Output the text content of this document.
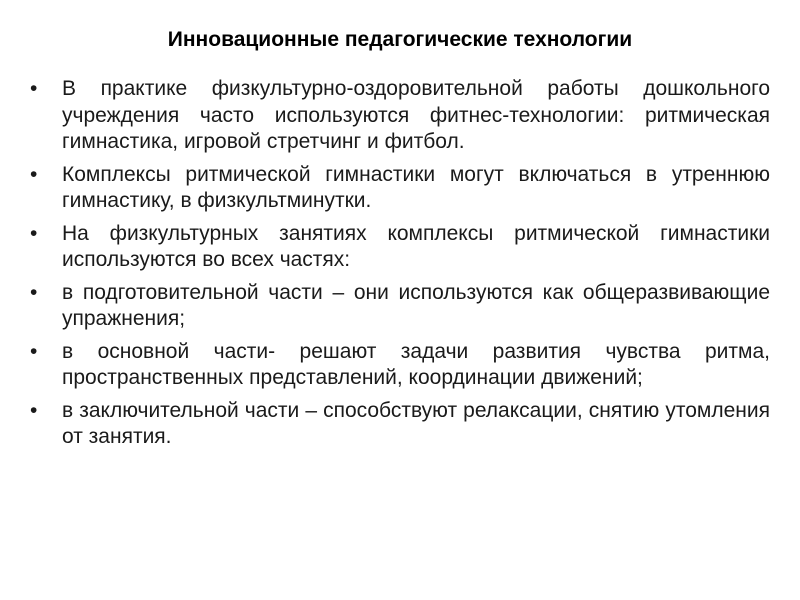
Инновационные педагогические технологии
•	В практике физкультурно-оздоровительной работы дошкольного учреждения часто используются фитнес-технологии: ритмическая гимнастика, игровой стретчинг и фитбол.
•	Комплексы ритмической гимнастики могут включаться в утреннюю гимнастику, в физкультминутки.
•	На физкультурных занятиях комплексы ритмической гимнастики используются во всех частях:
•	в подготовительной части – они используются как общеразвивающие упражнения;
•	в основной части- решают задачи развития чувства ритма, пространственных представлений, координации движений;
•	в заключительной части – способствуют релаксации, снятию утомления от занятия.
